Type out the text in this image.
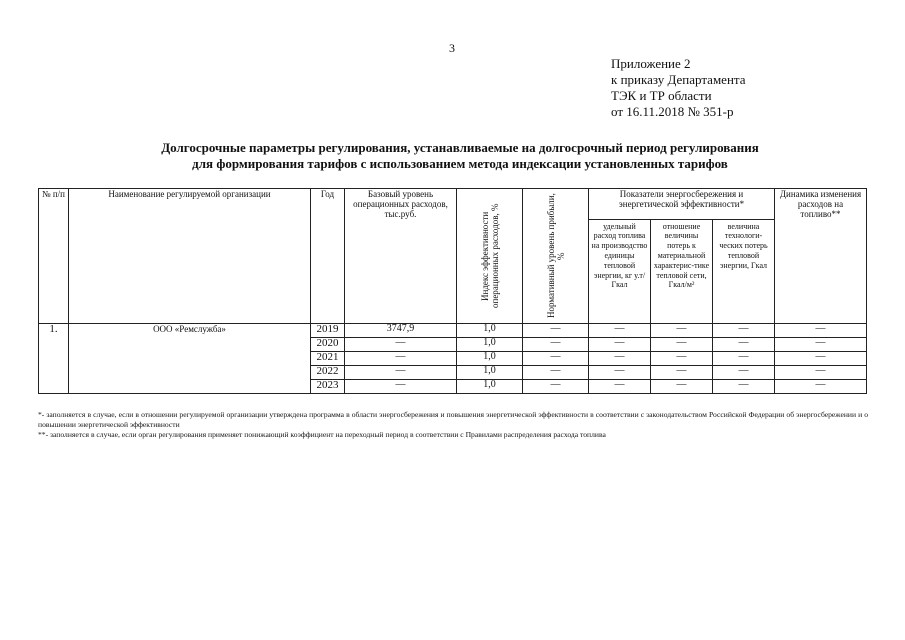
3
Приложение 2
к приказу Департамента
ТЭК и ТР области
от 16.11.2018 № 351-р
Долгосрочные параметры регулирования, устанавливаемые на долгосрочный период регулирования
для формирования тарифов с использованием метода индексации установленных тарифов
№ п/п	Наименование регулируемой организации	Год	Базовый уровень операционных расходов, тыс.руб.	Индекс эффективности операционных расходов, %	Нормативный уровень прибыли, %	Показатели энергосбережения и энергетической эффективности*			Динамика изменения расходов на топливо**
						удельный расход топлива на производство единицы тепловой энергии, кг у.т/Гкал	отношение величины потерь к материальной характерис-тике тепловой сети, Гкал/м²	величина технологи-ческих потерь тепловой энергии, Гкал	
1.	ООО «Ремслужба»	2019	3747,9	1,0	—	—	—	—	—
		2020	—	1,0	—	—	—	—	—
		2021	—	1,0	—	—	—	—	—
		2022	—	1,0	—	—	—	—	—
		2023	—	1,0	—	—	—	—	—

*- заполняется в случае, если в отношении регулируемой организации утверждена программа в области энергосбережения и повышения энергетической эффективности в соответствии с законодательством Российской Федерации об энергосбережении и о повышении энергетической эффективности

**- заполняется в случае, если орган регулирования применяет понижающий коэффициент на переходный период в соответствии с Правилами распределения расхода топлива
